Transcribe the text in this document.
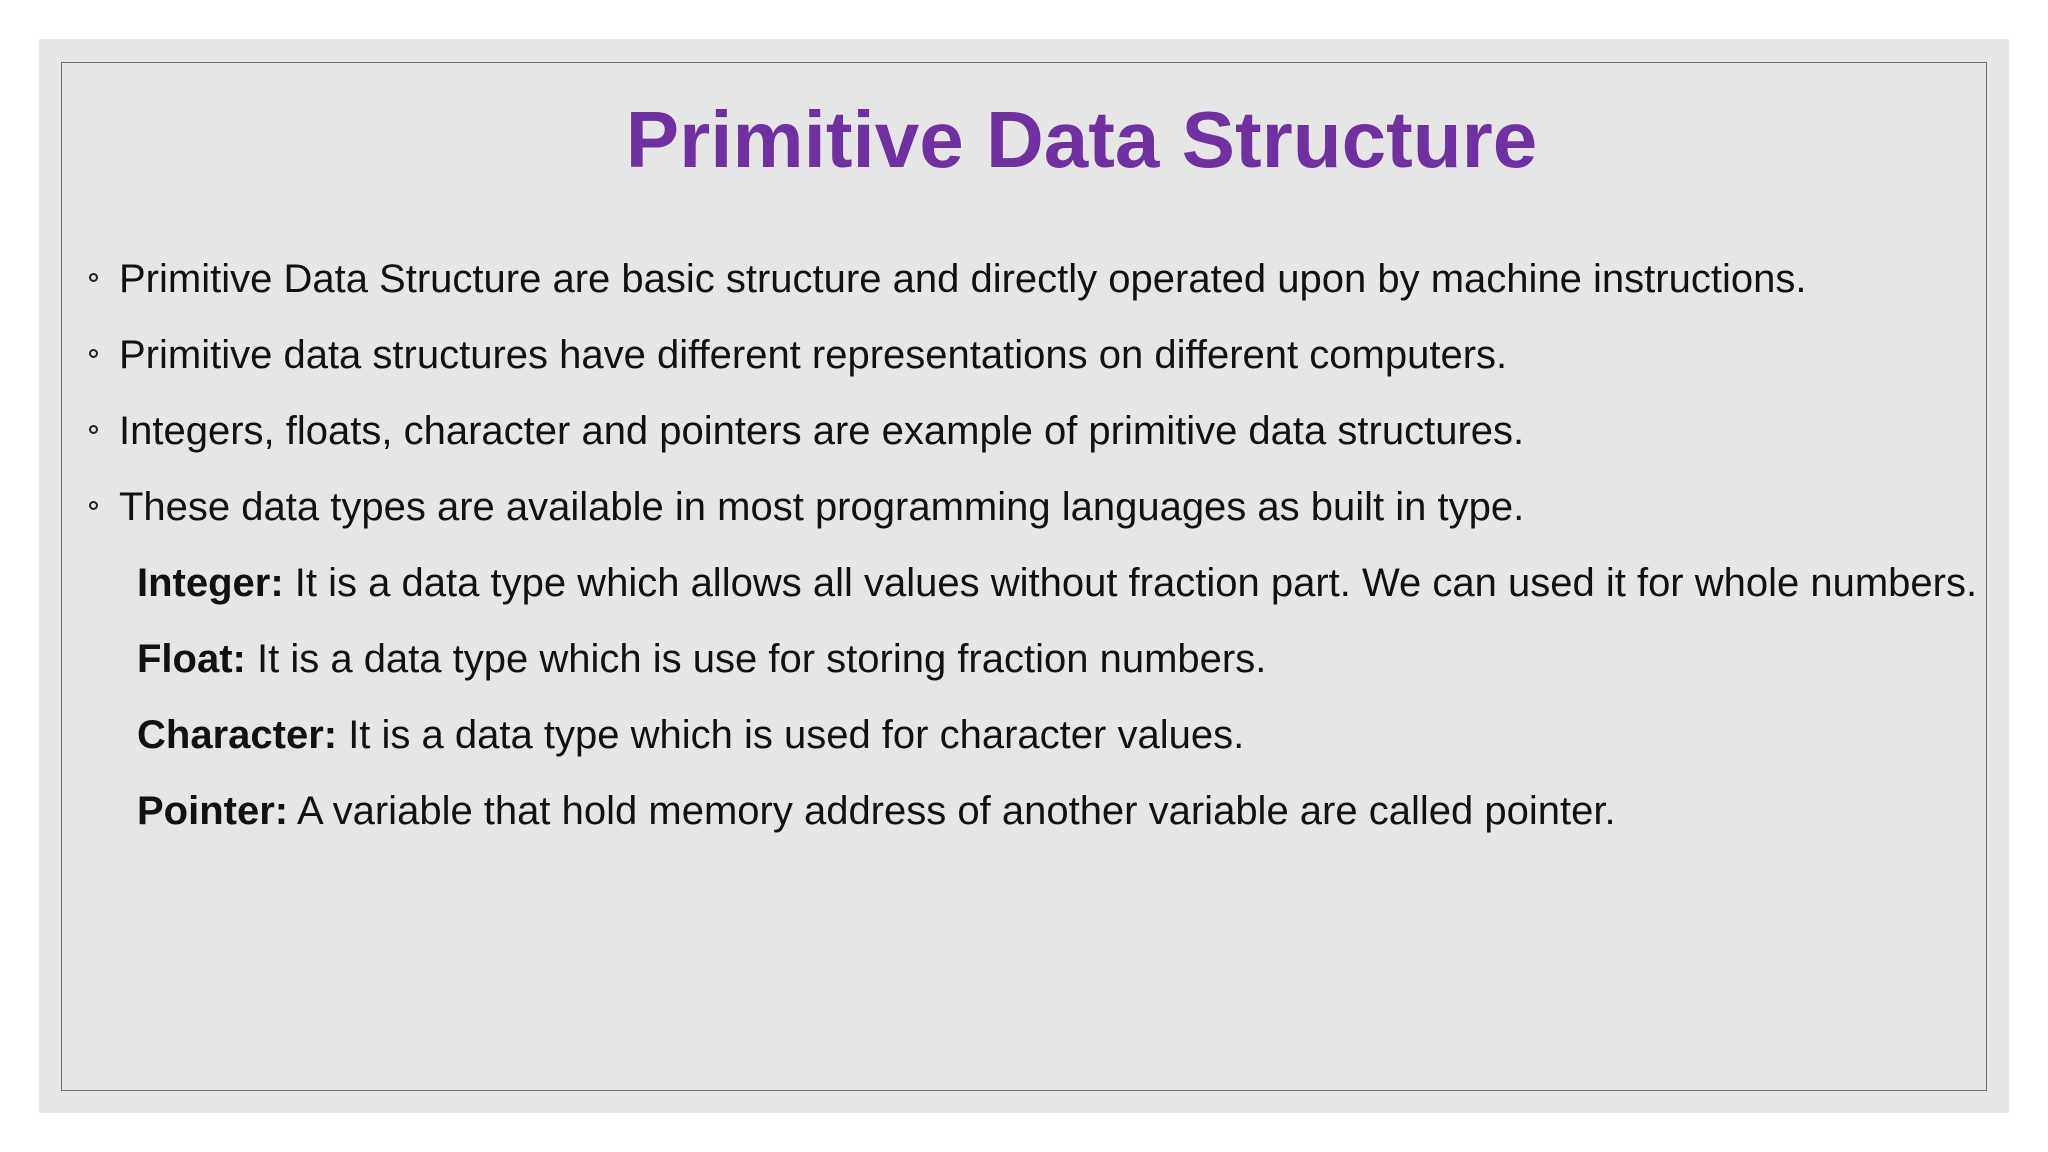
Primitive Data Structure
Primitive Data Structure are basic structure and directly operated upon by machine instructions.
Primitive data structures have different representations on different computers.
Integers, floats, character and pointers are example of primitive data structures.
These data types are available in most programming languages as built in type.

Integer: It is a data type which allows all values without fraction part. We can used it for whole numbers.

Float: It is a data type which is use for storing fraction numbers.

Character: It is a data type which is used for character values.

Pointer: A variable that hold memory address of another variable are called pointer.
